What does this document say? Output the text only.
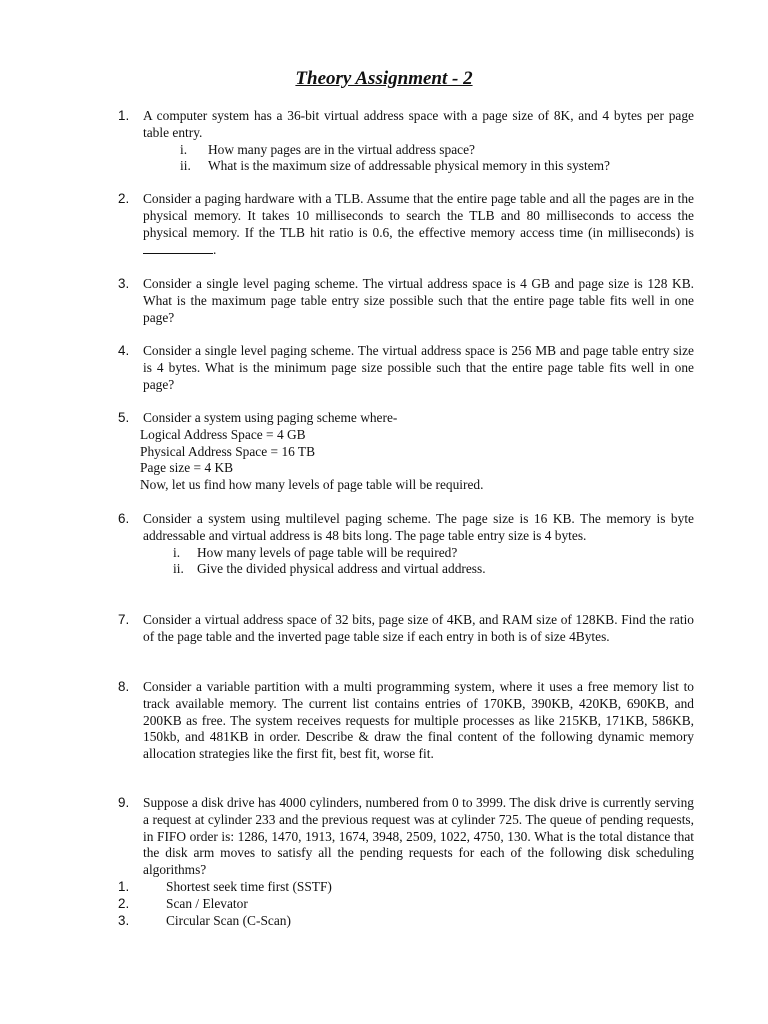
Theory Assignment - 2
1.	A computer system has a 36-bit virtual address space with a page size of 8K, and 4 bytes per page table entry.
i. How many pages are in the virtual address space?
ii. What is the maximum size of addressable physical memory in this system?
2.	Consider a paging hardware with a TLB. Assume that the entire page table and all the pages are in the physical memory. It takes 10 milliseconds to search the TLB and 80 milliseconds to access the physical memory. If the TLB hit ratio is 0.6, the effective memory access time (in milliseconds) is .
3.	Consider a single level paging scheme. The virtual address space is 4 GB and page size is 128 KB. What is the maximum page table entry size possible such that the entire page table fits well in one page?
4.	Consider a single level paging scheme. The virtual address space is 256 MB and page table entry size is 4 bytes. What is the minimum page size possible such that the entire page table fits well in one page?
5.	Consider a system using paging scheme where-
Logical Address Space = 4 GB
Physical Address Space = 16 TB
Page size = 4 KB
Now, let us find how many levels of page table will be required.
6.	Consider a system using multilevel paging scheme. The page size is 16 KB. The memory is byte addressable and virtual address is 48 bits long. The page table entry size is 4 bytes.
i. How many levels of page table will be required?
ii. Give the divided physical address and virtual address.
7.	Consider a virtual address space of 32 bits, page size of 4KB, and RAM size of 128KB. Find the ratio of the page table and the inverted page table size if each entry in both is of size 4Bytes.
8.	Consider a variable partition with a multi programming system, where it uses a free memory list to track available memory. The current list contains entries of 170KB, 390KB, 420KB, 690KB, and 200KB as free. The system receives requests for multiple processes as like 215KB, 171KB, 586KB, 150kb, and 481KB in order. Describe & draw the final content of the following dynamic memory allocation strategies like the first fit, best fit, worse fit.
9.	Suppose a disk drive has 4000 cylinders, numbered from 0 to 3999. The disk drive is currently serving a request at cylinder 233 and the previous request was at cylinder 725. The queue of pending requests, in FIFO order is: 1286, 1470, 1913, 1674, 3948, 2509, 1022, 4750, 130. What is the total distance that the disk arm moves to satisfy all the pending requests for each of the following disk scheduling algorithms?
1.	Shortest seek time first (SSTF)
2.	Scan / Elevator
3.	Circular Scan (C-Scan)
